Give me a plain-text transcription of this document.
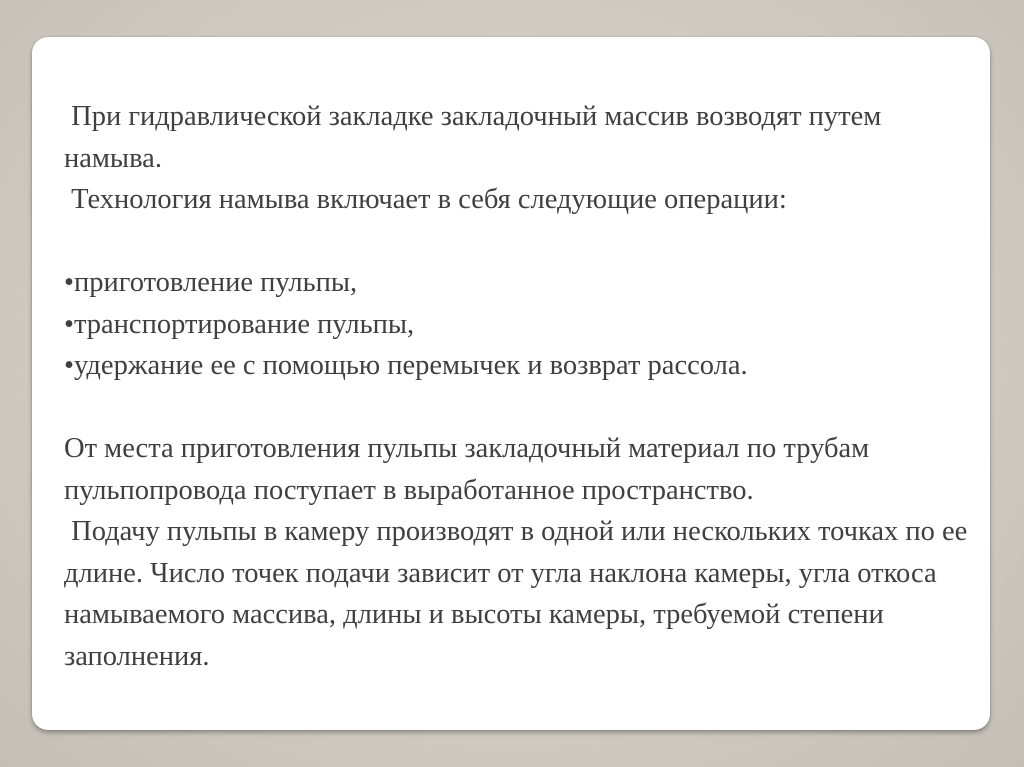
При гидравлической закладке закладочный массив возводят путем намыва.

Технология намыва включает в себя следующие операции:

•приготовление пульпы,
•транспортирование пульпы,
•удержание ее с помощью перемычек и возврат рассола.

От места приготовления пульпы закладочный материал по трубам пульпопровода поступает в выработанное пространство.

Подачу пульпы в камеру производят в одной или нескольких точках по ее длине. Число точек подачи зависит от угла наклона камеры, угла откоса намываемого массива, длины и высоты камеры, требуемой степени заполнения.
